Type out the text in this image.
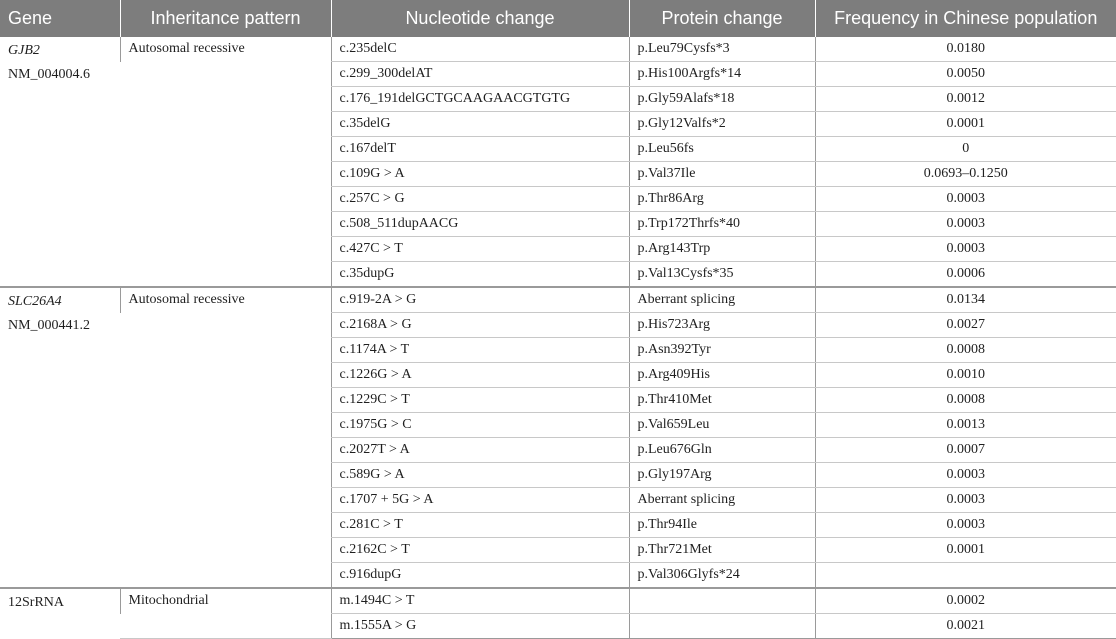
Gene	Inheritance pattern	Nucleotide change	Protein change	Frequency in Chinese population

GJB2
NM_004004.6	Autosomal recessive	c.235delC	p.Leu79Cysfs*3	0.0180
		c.299_300delAT	p.His100Argfs*14	0.0050
		c.176_191delGCTGCAAGAACGTGTG	p.Gly59Alafs*18	0.0012
		c.35delG	p.Gly12Valfs*2	0.0001
		c.167delT	p.Leu56fs	0
		c.109G > A	p.Val37Ile	0.0693–0.1250
		c.257C > G	p.Thr86Arg	0.0003
		c.508_511dupAACG	p.Trp172Thrfs*40	0.0003
		c.427C > T	p.Arg143Trp	0.0003
		c.35dupG	p.Val13Cysfs*35	0.0006

SLC26A4
NM_000441.2	Autosomal recessive	c.919-2A > G	Aberrant splicing	0.0134
		c.2168A > G	p.His723Arg	0.0027
		c.1174A > T	p.Asn392Tyr	0.0008
		c.1226G > A	p.Arg409His	0.0010
		c.1229C > T	p.Thr410Met	0.0008
		c.1975G > C	p.Val659Leu	0.0013
		c.2027T > A	p.Leu676Gln	0.0007
		c.589G > A	p.Gly197Arg	0.0003
		c.1707 + 5G > A	Aberrant splicing	0.0003
		c.281C > T	p.Thr94Ile	0.0003
		c.2162C > T	p.Thr721Met	0.0001
		c.916dupG	p.Val306Glyfs*24	

12SrRNA	Mitochondrial	m.1494C > T		0.0002
		m.1555A > G		0.0021
